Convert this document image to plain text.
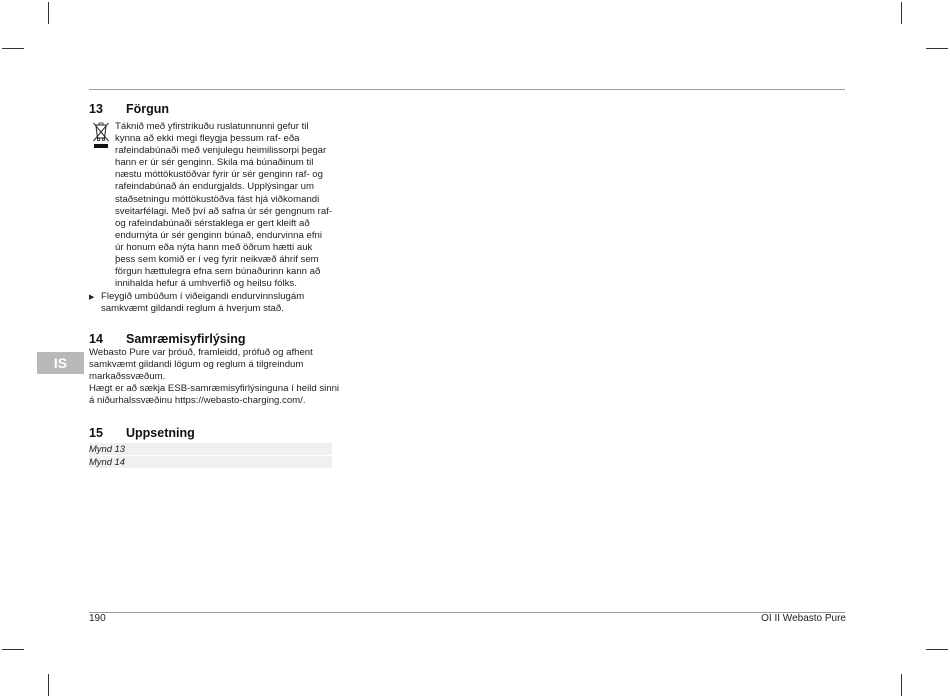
13 Förgun
Táknið með yfirstrikuðu ruslatunnunni gefur til
kynna að ekki megi fleygja þessum raf- eða
rafeindabúnaði með venjulegu heimilissorpi þegar
hann er úr sér genginn. Skila má búnaðinum til
næstu móttökustöðvar fyrir úr sér genginn raf- og
rafeindabúnað án endurgjalds. Upplýsingar um
staðsetningu móttökustöðva fást hjá viðkomandi
sveitarfélagi. Með því að safna úr sér gengnum raf-
og rafeindabúnaði sérstaklega er gert kleift að
endurnýta úr sér genginn búnað, endurvinna efni
úr honum eða nýta hann með öðrum hætti auk
þess sem komið er í veg fyrir neikvæð áhrif sem
förgun hættulegra efna sem búnaðurinn kann að
innihalda hefur á umhverfið og heilsu fólks.
▶ Fleygið umbúðum í viðeigandi endurvinnslugám
samkvæmt gildandi reglum á hverjum stað.
14 Samræmisyfirlýsing
IS
Webasto Pure var þróuð, framleidd, prófuð og afhent
samkvæmt gildandi lögum og reglum á tilgreindum
markaðssvæðum.
Hægt er að sækja ESB-samræmisyfirlýsinguna í heild sinni
á niðurhalssvæðinu https://webasto-charging.com/.
15 Uppsetning
Mynd 13
Mynd 14
190	OI II Webasto Pure
